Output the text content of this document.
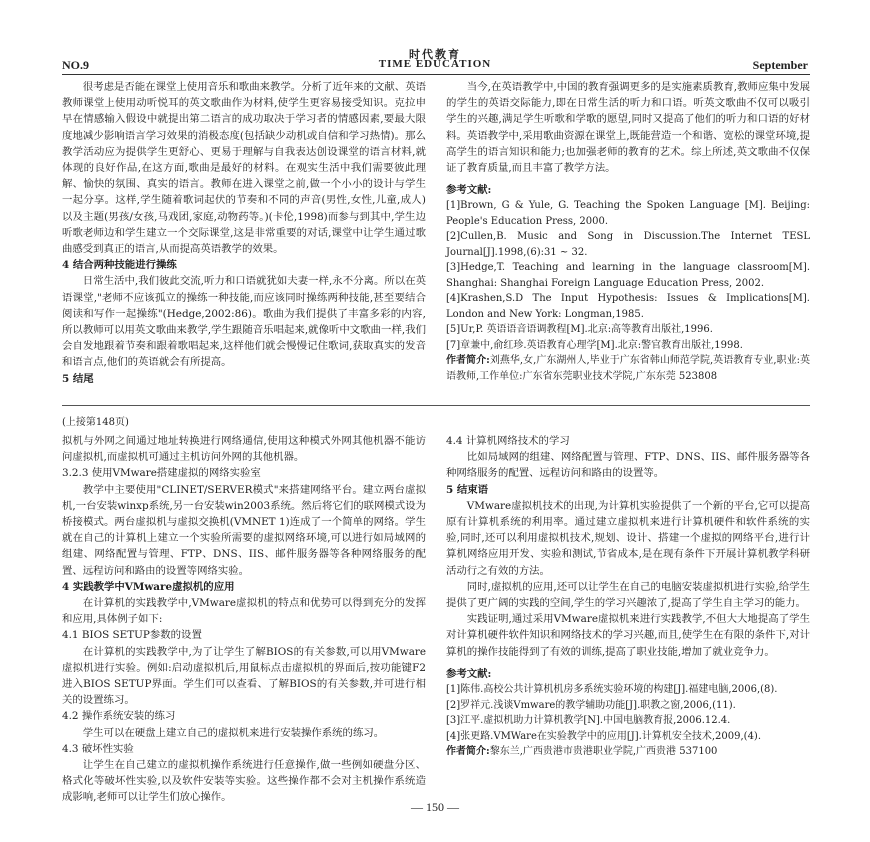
时代教育
NO.9	TIME EDUCATION	September

很考虑是否能在课堂上使用音乐和歌曲来教学。分析了近年来的文献、英语教师课堂上使用动听悦耳的英文歌曲作为材料,使学生更容易接受知识。克拉申早在情感输入假设中就提出第二语言的成功取决于学习者的情感因素,要最大限度地减少影响语言学习效果的消极态度(包括缺少动机或自信和学习热情)。那么教学活动应为提供学生更舒心、更易于理解与自我表达创设课堂的语言材料,就体现的良好作品,在这方面,歌曲是最好的材料。在观实生活中我们需要彼此理解、愉快的氛围、真实的语言。教师在进入课堂之前,做一个小小的设计与学生一起分享。这样,学生随着歌词起伏的节奏和不同的声音(男性,女性,儿童,成人)以及主题(男孩/女孩,马戏团,家庭,动物药等。)(卡伦,1998)而参与到其中,学生边听歌老师边和学生建立一个交际课堂,这是非常重要的对话,课堂中让学生通过歌曲感受到真正的语言,从而提高英语教学的效果。

4 结合两种技能进行操练

日常生活中,我们彼此交流,听力和口语就犹如夫妻一样,永不分离。所以在英语课堂,"老师不应该孤立的操练一种技能,而应该同时操练两种技能,甚至要结合阅读和写作一起操练"(Hedge,2002:86)。歌曲为我们提供了丰富多彩的内容,所以教师可以用英文歌曲来教学,学生跟随音乐唱起来,就像听中文歌曲一样,我们会自发地跟着节奏和跟着歌唱起来,这样他们就会慢慢记住歌词,获取真实的发音和语言点,他们的英语就会有所提高。

5 结尾

当今,在英语教学中,中国的教育强调更多的是实施素质教育,教师应集中发展的学生的英语交际能力,即在日常生活的听力和口语。听英文歌曲不仅可以吸引学生的兴趣,满足学生听歌和学歌的愿望,同时又提高了他们的听力和口语的好材料。英语教学中,采用歌曲资源在课堂上,既能营造一个和谐、宽松的课堂环境,提高学生的语言知识和能力;也加强老师的教育的艺术。综上所述,英文歌曲不仅保证了教育质量,而且丰富了教学方法。

参考文献:

[1]Brown, G & Yule, G. Teaching the Spoken Language [M]. Beijing: People's Education Press, 2000.

[2]Cullen,B. Music and Song in Discussion.The Internet TESL Journal[J].1998,(6):31 ~ 32.

[3]Hedge,T. Teaching and learning in the language classroom[M]. Shanghai: Shanghai Foreign Language Education Press, 2002.

[4]Krashen,S.D The Input Hypothesis: Issues & Implications[M]. London and New York: Longman,1985.

[5]Ur,P. 英语语音语调教程[M].北京:高等教育出版社,1996.

[7]章兼中,俞红珍.英语教育心理学[M].北京:警官教育出版社,1998.

作者简介:刘燕华,女,广东湖州人,毕业于广东省韩山师范学院,英语教育专业,职业:英语教师,工作单位:广东省东莞职业技术学院,广东东莞 523808

(上接第148页)

拟机与外网之间通过地址转换进行网络通信,使用这种模式外网其他机器不能访问虚拟机,而虚拟机可通过主机访问外网的其他机器。

3.2.3 使用VMware搭建虚拟的网络实验室

教学中主要使用"CLINET/SERVER模式"来搭建网络平台。建立两台虚拟机,一台安装winxp系统,另一台安装win2003系统。然后将它们的联网模式设为桥接模式。两台虚拟机与虚拟交换机(VMNET 1)连成了一个简单的网络。学生就在自己的计算机上建立一个实验所需要的虚拟网络环境,可以进行如局域网的组建、网络配置与管理、FTP、DNS、IIS、邮件服务器等各种网络服务的配置、远程访问和路由的设置等网络实验。

4 实践教学中VMware虚拟机的应用

在计算机的实践教学中,VMware虚拟机的特点和优势可以得到充分的发挥和应用,具体例子如下:

4.1 BIOS SETUP参数的设置

在计算机的实践教学中,为了让学生了解BIOS的有关参数,可以用VMware虚拟机进行实验。例如:启动虚拟机后,用鼠标点击虚拟机的界面后,按功能键F2进入BIOS SETUP界面。学生们可以查看、了解BIOS的有关参数,并可进行相关的设置练习。

4.2 操作系统安装的练习

学生可以在硬盘上建立自己的虚拟机来进行安装操作系统的练习。

4.3 破坏性实验

让学生在自己建立的虚拟机操作系统进行任意操作,做一些例如硬盘分区、格式化等破坏性实验,以及软件安装等实验。这些操作都不会对主机操作系统造成影响,老师可以让学生们放心操作。

4.4 计算机网络技术的学习

比如局域网的组建、网络配置与管理、FTP、DNS、IIS、邮件服务器等各种网络服务的配置、远程访问和路由的设置等。

5 结束语

VMware虚拟机技术的出现,为计算机实验提供了一个新的平台,它可以提高原有计算机系统的利用率。通过建立虚拟机来进行计算机硬件和软件系统的实验,同时,还可以利用虚拟机技术,规划、设计、搭建一个虚拟的网络平台,进行计算机网络应用开发、实验和测试,节省成本,是在现有条件下开展计算机教学科研活动行之有效的方法。

同时,虚拟机的应用,还可以让学生在自己的电脑安装虚拟机进行实验,给学生提供了更广阔的实践的空间,学生的学习兴趣浓了,提高了学生自主学习的能力。

实践证明,通过采用VMware虚拟机来进行实践教学,不但大大地提高了学生对计算机硬件软件知识和网络技术的学习兴趣,而且,使学生在有限的条件下,对计算机的操作技能得到了有效的训练,提高了职业技能,增加了就业竞争力。

参考文献:

[1]陈伟.高校公共计算机机房多系统实验环境的构建[J].福建电脑,2006,(8).

[2]罗祥元.浅谈Vmware的教学辅助功能[J].职教之窗,2006,(11).

[3]江平.虚拟机助力计算机教学[N].中国电脑教育报,2006.12.4.

[4]张更路.VMWare在实验教学中的应用[J].计算机安全技术,2009,(4).

作者简介:黎东兰,广西贵港市贵港职业学院,广西贵港 537100

— 150 —
